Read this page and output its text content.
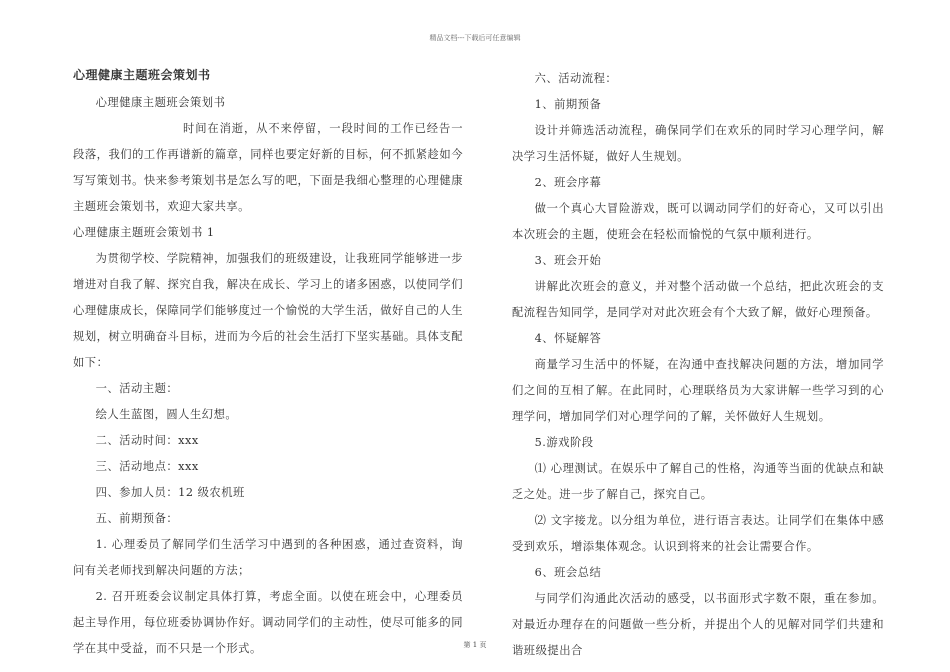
精品文档---下载后可任意编辑

心理健康主题班会策划书

心理健康主题班会策划书

时间在消逝，从不来停留，一段时间的工作已经告一段落，我们的工作再谱新的篇章，同样也要定好新的目标，何不抓紧趁如今写写策划书。快来参考策划书是怎么写的吧，下面是我细心整理的心理健康主题班会策划书，欢迎大家共享。

心理健康主题班会策划书 1

为贯彻学校、学院精神，加强我们的班级建设，让我班同学能够进一步增进对自我了解、探究自我，解决在成长、学习上的诸多困惑，以使同学们心理健康成长，保障同学们能够度过一个愉悦的大学生活，做好自己的人生规划，树立明确奋斗目标，进而为今后的社会生活打下坚实基础。具体支配如下：

一、活动主题：

绘人生蓝图，圆人生幻想。

二、活动时间：xxx

三、活动地点：xxx

四、参加人员：12 级农机班

五、前期预备：

1. 心理委员了解同学们生活学习中遇到的各种困惑，通过查资料，询问有关老师找到解决问题的方法；

2. 召开班委会议制定具体打算，考虑全面。以使在班会中，心理委员起主导作用，每位班委协调协作好。调动同学们的主动性，使尽可能多的同学在其中受益，而不只是一个形式。

六、活动流程：

1、前期预备

设计并筛选活动流程，确保同学们在欢乐的同时学习心理学问，解决学习生活怀疑，做好人生规划。

2、班会序幕

做一个真心大冒险游戏，既可以调动同学们的好奇心，又可以引出本次班会的主题，使班会在轻松而愉悦的气氛中顺利进行。

3、班会开始

讲解此次班会的意义，并对整个活动做一个总结，把此次班会的支配流程告知同学，是同学对对此次班会有个大致了解，做好心理预备。

4、怀疑解答

商量学习生活中的怀疑，在沟通中查找解决问题的方法，增加同学们之间的互相了解。在此同时，心理联络员为大家讲解一些学习到的心理学问，增加同学们对心理学问的了解，关怀做好人生规划。

5.游戏阶段

⑴ 心理测试。在娱乐中了解自己的性格，沟通等当面的优缺点和缺乏之处。进一步了解自己，探究自己。

⑵ 文字接龙。以分组为单位，进行语言表达。让同学们在集体中感受到欢乐，增添集体观念。认识到将来的社会让需要合作。

6、班会总结

与同学们沟通此次活动的感受，以书面形式字数不限，重在参加。 对最近办理存在的问题做一些分析，并提出个人的见解对同学们共建和谐班级提出合

第 1 页
